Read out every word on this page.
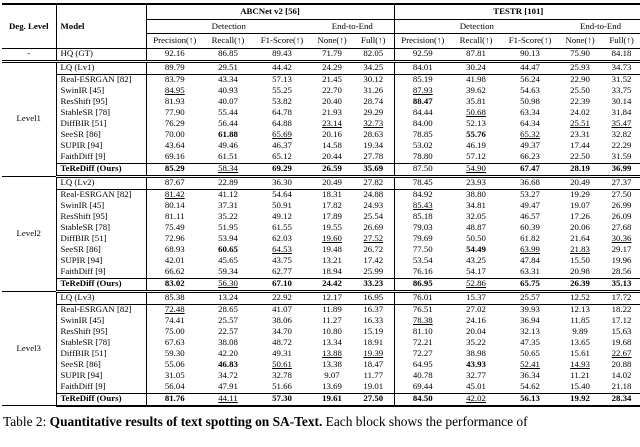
Deg. Level	Model	ABCNet v2 [56]					TESTR [101]				
		Detection			End-to-End		Detection			End-to-End	
		Precision(↑)	Recall(↑)	F1-Score(↑)	None(↑)	Full(↑)	Precision(↑)	Recall(↑)	F1-Score(↑)	None(↑)	Full(↑)
-	HQ (GT)	92.16	86.85	89.43	71.79	82.05	92.59	87.81	90.13	75.90	84.18
Level1	LQ (Lv1)	89.79	29.51	44.42	24.29	34.25	84.01	30.24	44.47	25.93	34.73
	Real-ESRGAN [82]	83.79	43.34	57.13	21.45	30.12	85.19	41.98	56.24	22.90	31.52
	SwinIR [45]	84.95	40.93	55.25	22.70	31.26	87.93	39.62	54.63	25.50	33.75
	ResShift [95]	81.93	40.07	53.82	20.40	28.74	88.47	35.81	50.98	22.39	30.14
	StableSR [78]	77.90	55.44	64.78	21.93	29.29	84.44	50.68	63.34	24.02	31.84
	DiffBIR [51]	76.29	56.44	64.88	23.14	32.73	84.00	52.13	64.34	25.51	35.47
	SeeSR [86]	70.00	61.88	65.69	20.16	28.63	78.85	55.76	65.32	23.31	32.82
	SUPIR [94]	43.64	49.46	46.37	14.58	19.34	53.02	46.19	49.37	17.44	22.29
	FaithDiff [9]	69.16	61.51	65.12	20.44	27.78	78.80	57.12	66.23	22.50	31.59
	TeReDiff (Ours)	85.29	58.34	69.29	26.59	35.69	87.50	54.90	67.47	28.19	36.99
Level2	LQ (Lv2)	87.67	22.89	36.30	20.49	27.82	78.45	23.93	36.68	20.49	27.37
	Real-ESRGAN [82]	81.42	41.12	54.64	18.31	24.88	84.92	38.80	53.27	19.29	27.50
	SwinIR [45]	80.14	37.31	50.91	17.82	24.93	85.43	34.81	49.47	19.07	26.99
	ResShift [95]	81.11	35.22	49.12	17.89	25.54	85.18	32.05	46.57	17.26	26.09
	StableSR [78]	75.49	51.95	61.55	19.55	26.69	79.03	48.87	60.39	20.06	27.68
	DiffBIR [51]	72.96	53.94	62.03	19.60	27.52	79.69	50.50	61.82	21.64	30.36
	SeeSR [86]	68.93	60.65	64.53	19.48	26.72	77.50	54.49	63.99	21.83	29.17
	SUPIR [94]	42.01	45.65	43.75	13.21	17.42	53.54	43.25	47.84	15.50	19.96
	FaithDiff [9]	66.62	59.34	62.77	18.94	25.99	76.16	54.17	63.31	20.98	28.56
	TeReDiff (Ours)	83.02	56.30	67.10	24.42	33.23	86.95	52.86	65.75	26.39	35.13
Level3	LQ (Lv3)	85.38	13.24	22.92	12.17	16.95	76.01	15.37	25.57	12.52	17.72
	Real-ESRGAN [82]	72.48	28.65	41.07	11.89	16.37	76.51	27.02	39.93	12.13	18.22
	SwinIR [45]	74.41	25.57	38.06	11.27	16.33	78.38	24.16	36.94	11.85	17.12
	ResShift [95]	75.00	22.57	34.70	10.80	15.19	81.10	20.04	32.13	9.89	15.63
	StableSR [78]	67.63	38.08	48.72	13.34	18.91	72.21	35.22	47.35	13.65	19.68
	DiffBIR [51]	59.30	42.20	49.31	13.88	19.39	72.27	38.98	50.65	15.61	22.67
	SeeSR [86]	55.06	46.83	50.61	13.38	18.47	64.95	43.93	52.41	14.93	20.88
	SUPIR [94]	31.05	34.72	32.78	9.07	11.77	40.78	32.77	36.34	11.21	14.02
	FaithDiff [9]	56.04	47.91	51.66	13.69	19.01	69.44	45.01	54.62	15.40	21.18
	TeReDiff (Ours)	81.76	44.11	57.30	19.61	27.50	84.50	42.02	56.13	19.92	28.34
Table 2: Quantitative results of text spotting on SA-Text. Each block shows the performance of
